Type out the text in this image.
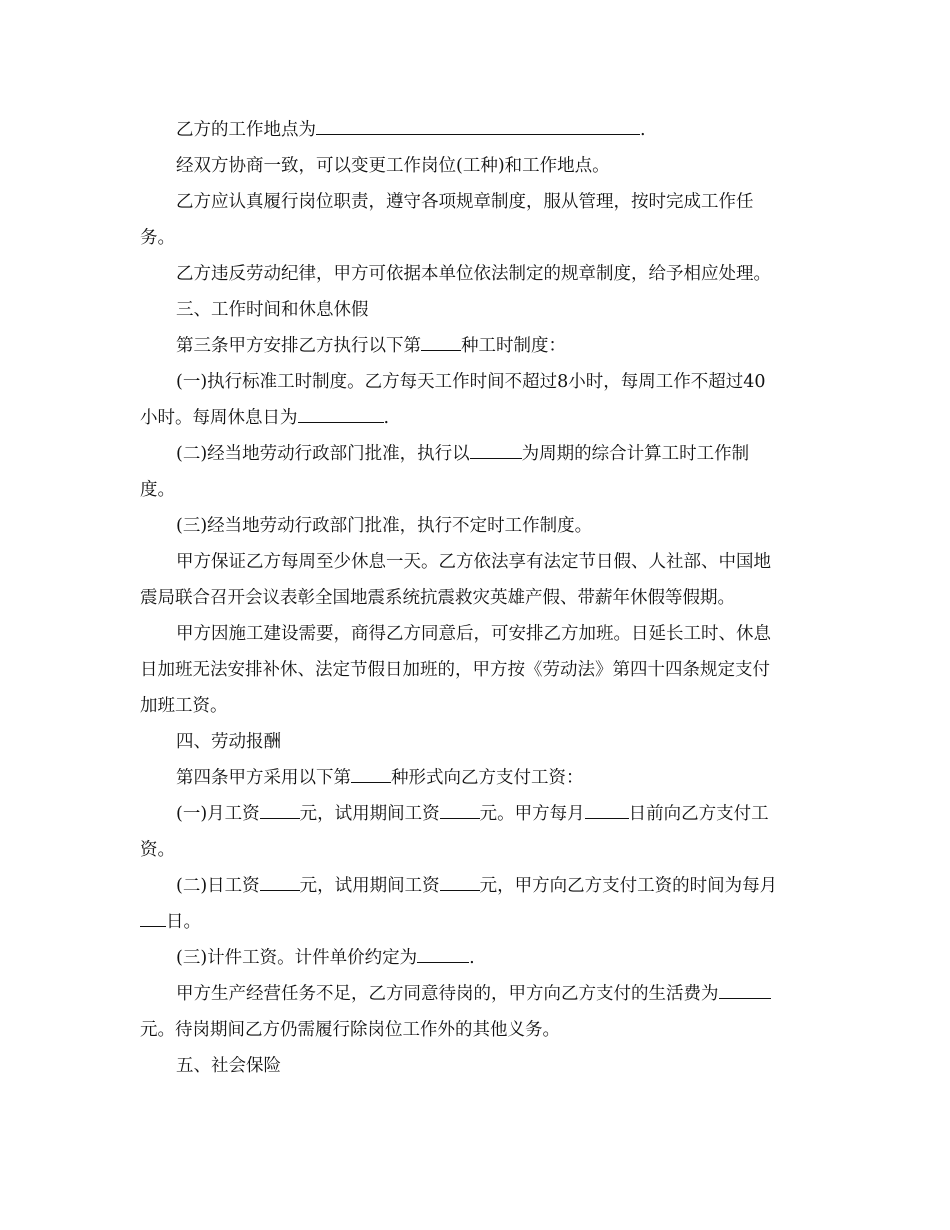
乙方的工作地点为	.
经双方协商一致，可以变更工作岗位(工种)和工作地点。
乙方应认真履行岗位职责，遵守各项规章制度，服从管理，按时完成工作任
务。
乙方违反劳动纪律，甲方可依据本单位依法制定的规章制度，给予相应处理。
三、工作时间和休息休假
第三条甲方安排乙方执行以下第 种工时制度：
(一)执行标准工时制度。乙方每天工作时间不超过8小时，每周工作不超过40
小时。每周休息日为	.
(二)经当地劳动行政部门批准，执行以	为周期的综合计算工时工作制
度。
(三)经当地劳动行政部门批准，执行不定时工作制度。
甲方保证乙方每周至少休息一天。乙方依法享有法定节日假、人社部、中国地
震局联合召开会议表彰全国地震系统抗震救灾英雄产假、带薪年休假等假期。
甲方因施工建设需要，商得乙方同意后，可安排乙方加班。日延长工时、休息
日加班无法安排补休、法定节假日加班的，甲方按《劳动法》第四十四条规定支付
加班工资。
四、劳动报酬
第四条甲方采用以下第 种形式向乙方支付工资：
(一)月工资 元，试用期间工资 元。甲方每月	日前向乙方支付工
资。
(二)日工资 元，试用期间工资 元，甲方向乙方支付工资的时间为每月
日。
(三)计件工资。计件单价约定为	.
甲方生产经营任务不足，乙方同意待岗的，甲方向乙方支付的生活费为
元。待岗期间乙方仍需履行除岗位工作外的其他义务。
五、社会保险
